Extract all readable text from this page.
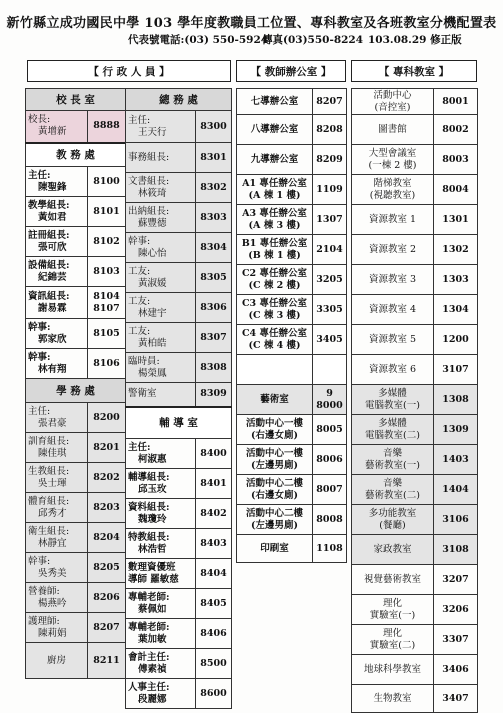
新竹縣立成功國民中學 103 學年度教職員工位置、專科教室及各班教室分機配置表
代表號電話:(03) 550-5924
傳真(03)550-8224 103.08.29 修正版
【 行 政 人 員 】	【 教師辦公室 】	【 專科教室 】
校 長 室	

校長:
黃增新	8888
教 務 處	

主任:
陳聖鋒	8100

教學組長:
黃如君	8101

註冊組長:
張可欣	8102

設備組長:
紀錦芸	8103

資訊組長:
謝易霖	8104
8107

幹事:
郭家欣	8105

幹事:
林有翔	8106
學 務 處	

主任:
張君豪	8200

訓育組長:
陳佳琪	8201

生教組長:
吳士琿	8202

體育組長:
邱秀才	8203

衛生組長:
林靜宜	8204

幹事:
吳秀美	8205

營養師:
楊燕吟	8206

護理師:
陳莉娟	8207
廚房	8211
總 務 處	

主任:
王天行	8300

事務組長:	8301

文書組長:
林筱琦	8302

出納組長:
蘇豐德	8303

幹事:
陳心怡	8304

工友:
黃淑媛	8305

工友:
林建宇	8306

工友:
黃柏皓	8307

臨時員:
楊榮鳳	8308
警衛室	8309
輔 導 室	

主任:
柯淑惠	8400

輔導組長:
邱玉玫	8401

資料組長:
魏瓊玲	8402

特教組長:
林浩哲	8403

數理資優班
導師 羅敏慈	8404

專輔老師:
蔡佩如	8405

專輔老師:
葉加敏	8406

會計主任:
傅素禎	8500

人事主任:
段麗娜	8600
七導辦公室	8207
八導辦公室	8208
九導辦公室	8209

A1 專任辦公室
(A 棟 1 樓)	1109

A3 專任辦公室
(A 棟 3 樓)	1307

B1 專任辦公室
(B 棟 1 樓)	2104

C2 專任辦公室
(C 棟 2 樓)	3205

C3 專任辦公室
(C 棟 3 樓)	3305

C4 專任辦公室
(C 棟 4 樓)	3405

藝術室	9
8000

活動中心一樓
(右邊女廁)	8005

活動中心一樓
(左邊男廁)	8006

活動中心二樓
(右邊女廁)	8007

活動中心二樓
(左邊男廁)	8008
印刷室	1108
活動中心
(音控室)	8001
圖書館	8002

大型會議室
(一棟 2 樓)	8003

階梯教室
(視聽教室)	8004
資源教室 1	1301
資源教室 2	1302
資源教室 3	1303
資源教室 4	1304
資源教室 5	1200
資源教室 6	3107

多媒體
電腦教室(一)	1308

多媒體
電腦教室(二)	1309

音樂
藝術教室(一)	1403

音樂
藝術教室(二)	1404

多功能教室
(餐廳)	3106
家政教室	3108
視覺藝術教室	3207

理化
實驗室(一)	3206

理化
實驗室(二)	3307
地球科學教室	3406
生物教室	3407
